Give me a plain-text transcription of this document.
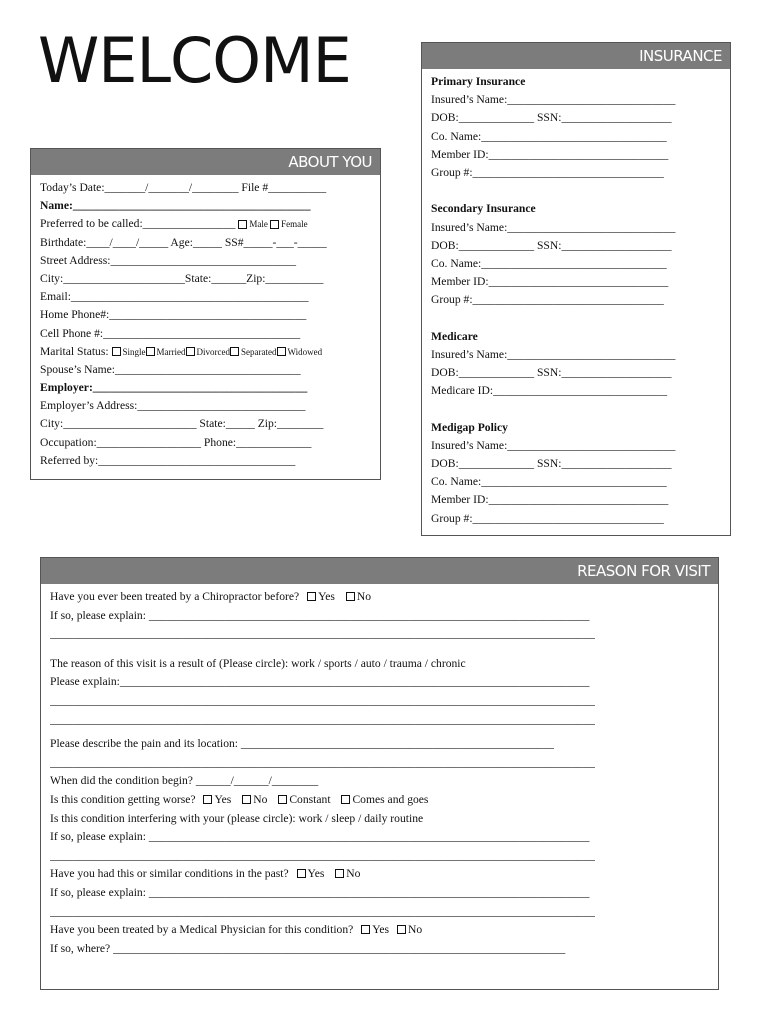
WELCOME
ABOUT YOU
Today’s Date:_______/_______/________ File #__________
Name:_________________________________________
Preferred to be called:________________ Male Female
Birthdate:____/____/_____ Age:_____ SS#_____-___-_____
Street Address:________________________________
City:_____________________State:______Zip:__________
Email:_________________________________________
Home Phone#:__________________________________
Cell Phone #:__________________________________
Marital Status: Single Married Divorced Separated Widowed
Spouse’s Name:________________________________
Employer:_____________________________________
Employer’s Address:_____________________________
City:_______________________ State:_____ Zip:________
Occupation:__________________ Phone:_____________
Referred by:__________________________________
INSURANCE
Primary Insurance
Insured’s Name:_____________________________
DOB:_____________ SSN:___________________
Co. Name:________________________________
Member ID:_______________________________
Group #:_________________________________
Secondary Insurance
Insured’s Name:_____________________________
DOB:_____________ SSN:___________________
Co. Name:________________________________
Member ID:_______________________________
Group #:_________________________________
Medicare
Insured’s Name:_____________________________
DOB:_____________ SSN:___________________
Medicare ID:______________________________
Medigap Policy
Insured’s Name:_____________________________
DOB:_____________ SSN:___________________
Co. Name:________________________________
Member ID:_______________________________
Group #:_________________________________
REASON FOR VISIT
Have you ever been treated by a Chiropractor before? Yes No
If so, please explain: ____________________________________________________________________________
______________________________________________________________________________________________
The reason of this visit is a result of (Please circle): work / sports / auto / trauma / chronic
Please explain:_________________________________________________________________________________
______________________________________________________________________________________________
______________________________________________________________________________________________
Please describe the pain and its location: ______________________________________________________
______________________________________________________________________________________________
When did the condition begin? ______/______/________
Is this condition getting worse? Yes No Constant Comes and goes
Is this condition interfering with your (please circle): work / sleep / daily routine
If so, please explain: ____________________________________________________________________________
______________________________________________________________________________________________
Have you had this or similar conditions in the past? Yes No
If so, please explain: ____________________________________________________________________________
______________________________________________________________________________________________
Have you been treated by a Medical Physician for this condition? Yes No
If so, where? ______________________________________________________________________________
